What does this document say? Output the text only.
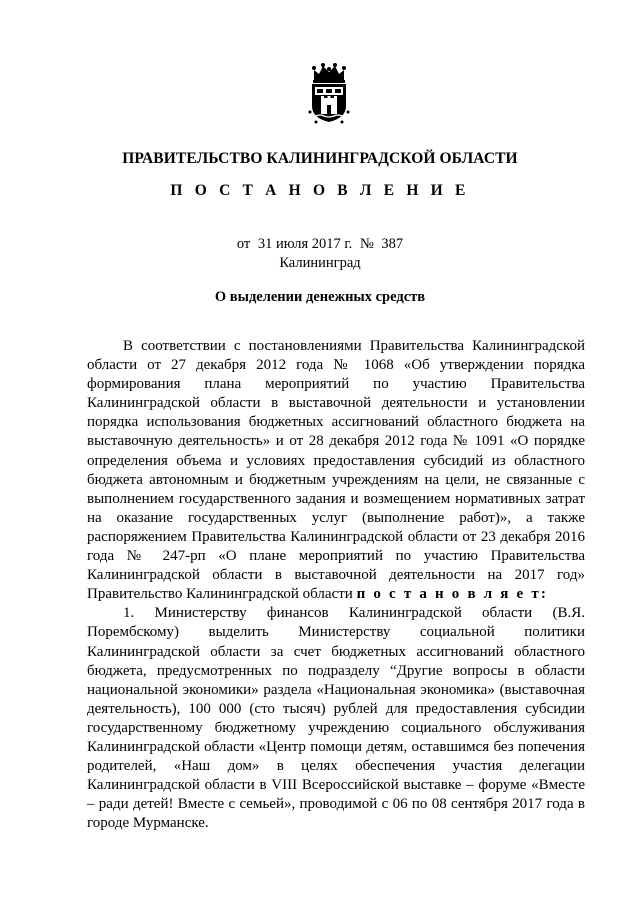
ПРАВИТЕЛЬСТВО КАЛИНИНГРАДСКОЙ ОБЛАСТИ
П О С Т А Н О В Л Е Н И Е
от 31 июля 2017 г. № 387
Калининград
О выделении денежных средств

В соответствии с постановлениями Правительства Калининградской области от 27 декабря 2012 года № 1068 «Об утверждении порядка формирования плана мероприятий по участию Правительства Калининградской области в выставочной деятельности и установлении порядка использования бюджетных ассигнований областного бюджета на выставочную деятельность» и от 28 декабря 2012 года № 1091 «О порядке определения объема и условиях предоставления субсидий из областного бюджета автономным и бюджетным учреждениям на цели, не связанные с выполнением государственного задания и возмещением нормативных затрат на оказание государственных услуг (выполнение работ)», а также распоряжением Правительства Калининградской области от 23 декабря 2016 года № 247-рп «О плане мероприятий по участию Правительства Калининградской области в выставочной деятельности на 2017 год» Правительство Калининградской области п о с т а н о в л я е т:

1. Министерству финансов Калининградской области (В.Я. Порембскому) выделить Министерству социальной политики Калининградской области за счет бюджетных ассигнований областного бюджета, предусмотренных по подразделу “Другие вопросы в области национальной экономики» раздела «Национальная экономика» (выставочная деятельность), 100 000 (сто тысяч) рублей для предоставления субсидии государственному бюджетному учреждению социального обслуживания Калининградской области «Центр помощи детям, оставшимся без попечения родителей, «Наш дом» в целях обеспечения участия делегации Калининградской области в VIII Всероссийской выставке – форуме «Вместе – ради детей! Вместе с семьей», проводимой с 06 по 08 сентября 2017 года в городе Мурманске.
